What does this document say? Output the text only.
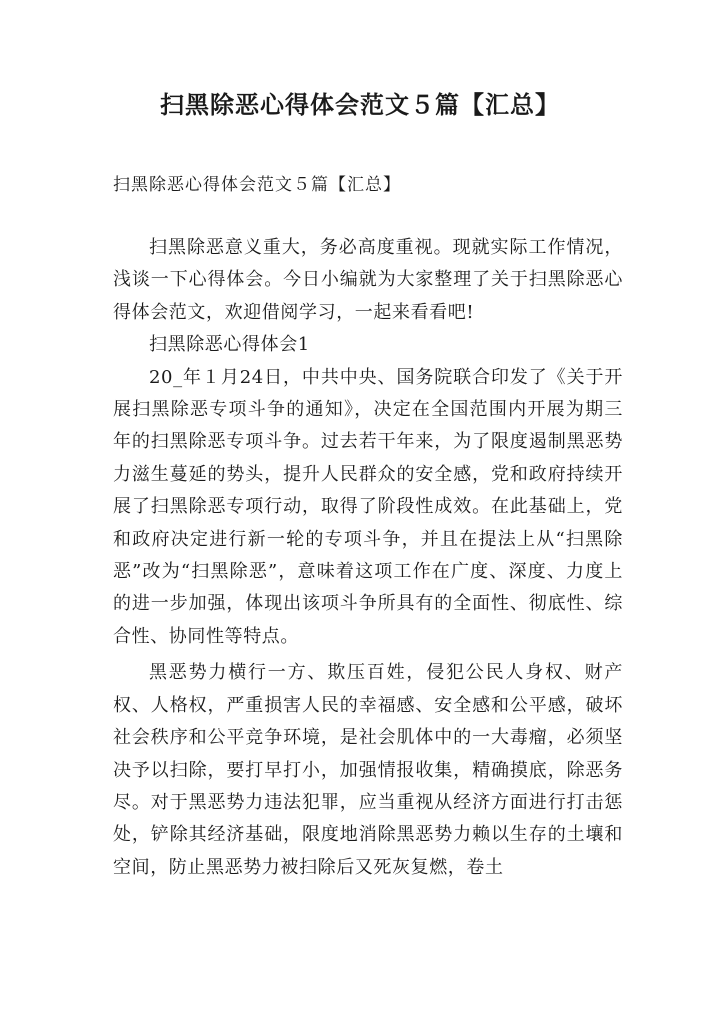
扫黑除恶心得体会范文５篇【汇总】

扫黑除恶心得体会范文５篇【汇总】

扫黑除恶意义重大，务必高度重视。现就实际工作情况，浅谈一下心得体会。今日小编就为大家整理了关于扫黑除恶心得体会范文，欢迎借阅学习，一起来看看吧!

扫黑除恶心得体会1

20_年１月24日，中共中央、国务院联合印发了《关于开展扫黑除恶专项斗争的通知》，决定在全国范围内开展为期三年的扫黑除恶专项斗争。过去若干年来，为了限度遏制黑恶势力滋生蔓延的势头，提升人民群众的安全感，党和政府持续开展了扫黑除恶专项行动，取得了阶段性成效。在此基础上，党和政府决定进行新一轮的专项斗争，并且在提法上从“扫黑除恶”改为“扫黑除恶”，意味着这项工作在广度、深度、力度上的进一步加强，体现出该项斗争所具有的全面性、彻底性、综合性、协同性等特点。

黑恶势力横行一方、欺压百姓，侵犯公民人身权、财产权、人格权，严重损害人民的幸福感、安全感和公平感，破坏社会秩序和公平竞争环境，是社会肌体中的一大毒瘤，必须坚决予以扫除，要打早打小，加强情报收集，精确摸底，除恶务尽。对于黑恶势力违法犯罪，应当重视从经济方面进行打击惩处，铲除其经济基础，限度地消除黑恶势力赖以生存的土壤和空间，防止黑恶势力被扫除后又死灰复燃，卷土
